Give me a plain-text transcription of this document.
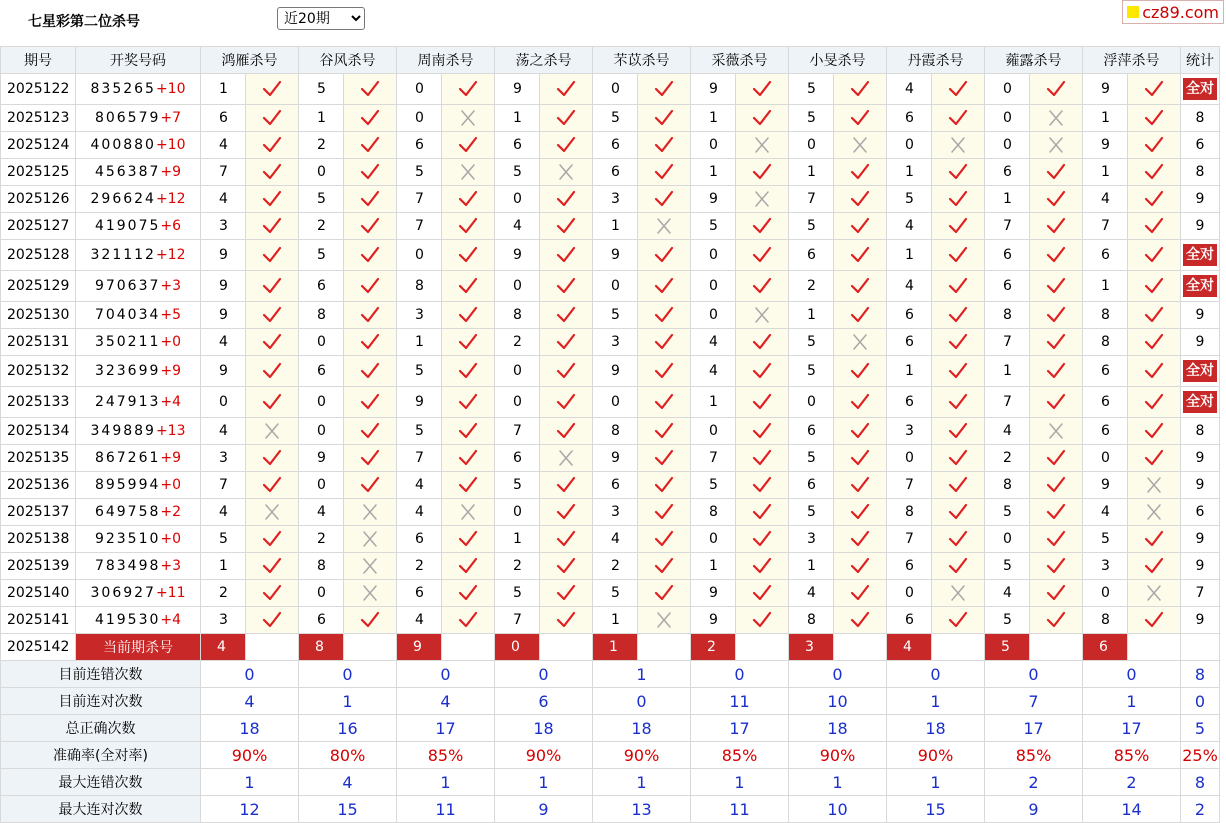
七星彩第二位杀号
近20期
cz89.com
期号	开奖号码	鸿雁杀号		谷风杀号		周南杀号		荡之杀号		芣苡杀号		采薇杀号		小旻杀号		丹霞杀号		蕹露杀号		浮萍杀号		统计
2025122	835265+10	1		5		0		9		0		9		5		4		0		9		全对

2025123	806579+7	6		1		0		1		5		1		5		6		0		1		8
2025124	400880+10	4		2		6		6		6		0		0		0		0		9		6
2025125	456387+9	7		0		5		5		6		1		1		1		6		1		8
2025126	296624+12	4		5		7		0		3		9		7		5		1		4		9
2025127	419075+6	3		2		7		4		1		5		5		4		7		7		9
2025128	321112+12	9		5		0		9		9		0		6		1		6		6		全对

2025129	970637+3	9		6		8		0		0		0		2		4		6		1		全对

2025130	704034+5	9		8		3		8		5		0		1		6		8		8		9
2025131	350211+0	4		0		1		2		3		4		5		6		7		8		9
2025132	323699+9	9		6		5		0		9		4		5		1		1		6		全对

2025133	247913+4	0		0		9		0		0		1		0		6		7		6		全对

2025134	349889+13	4		0		5		7		8		0		6		3		4		6		8
2025135	867261+9	3		9		7		6		9		7		5		0		2		0		9
2025136	895994+0	7		0		4		5		6		5		6		7		8		9		9
2025137	649758+2	4		4		4		0		3		8		5		8		5		4		6
2025138	923510+0	5		2		6		1		4		0		3		7		0		5		9
2025139	783498+3	1		8		2		2		2		1		1		6		5		3		9
2025140	306927+11	2		0		6		5		5		9		4		0		4		0		7
2025141	419530+4	3		6		4		7		1		9		8		6		5		8		9
2025142	当前期杀号	4		8		9		0		1		2		3		4		5		6		
目前连错次数		0		0		0		0		1		0		0		0		0		0		8
目前连对次数		4		1		4		6		0		11		10		1		7		1		0
总正确次数		18		16		17		18		18		17		18		18		17		17		5
准确率(全对率)		90%		80%		85%		90%		90%		85%		90%		90%		85%		85%		25%
最大连错次数		1		4		1		1		1		1		1		1		2		2		8
最大连对次数		12		15		11		9		13		11		10		15		9		14		2
